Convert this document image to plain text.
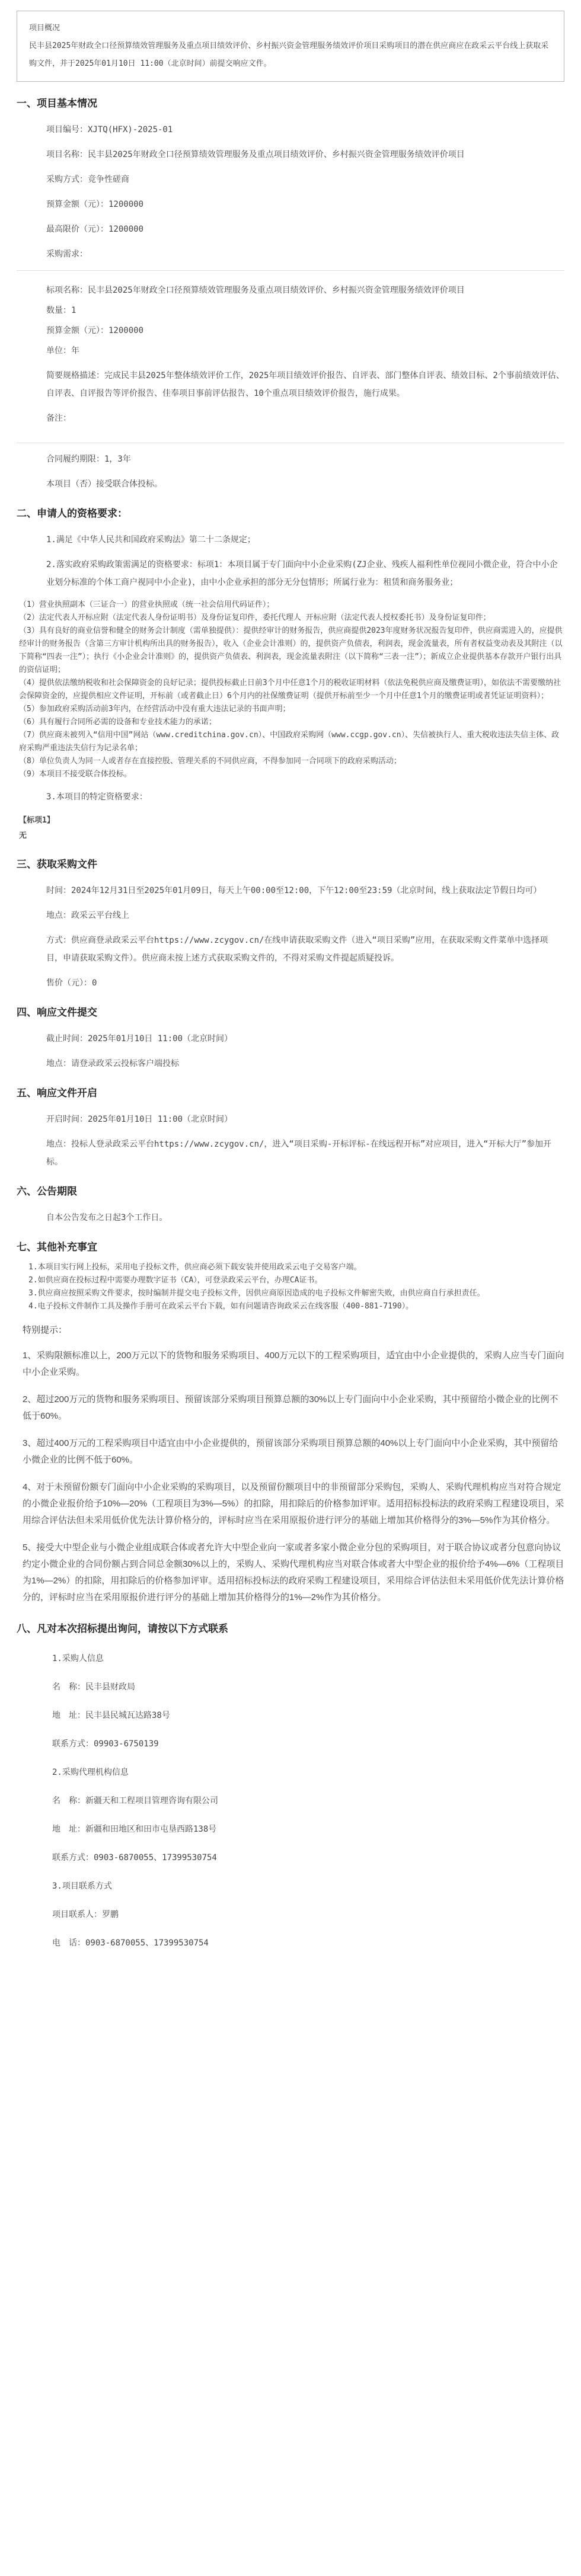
项目概况

民丰县2025年财政全口径预算绩效管理服务及重点项目绩效评价、乡村振兴资金管理服务绩效评价项目采购项目的潜在供应商应在政采云平台线上获取采购文件，并于2025年01月10日 11:00（北京时间）前提交响应文件。

一、项目基本情况

项目编号：XJTQ(HFX)-2025-01

项目名称：民丰县2025年财政全口径预算绩效管理服务及重点项目绩效评价、乡村振兴资金管理服务绩效评价项目

采购方式：竞争性磋商

预算金额（元）：1200000

最高限价（元）：1200000

采购需求：

标项名称：民丰县2025年财政全口径预算绩效管理服务及重点项目绩效评价、乡村振兴资金管理服务绩效评价项目

数量：1

预算金额（元）：1200000

单位：年

简要规格描述：完成民丰县2025年整体绩效评价工作，2025年项目绩效评价报告、自评表、部门整体自评表、绩效目标、2个事前绩效评估、自评表、自评报告等评价报告、佳奉项目事前评估报告、10个重点项目绩效评价报告，施行成果。

备注：

合同履约期限：1，3年

本项目（否）接受联合体投标。

二、申请人的资格要求：

1.满足《中华人民共和国政府采购法》第二十二条规定；

2.落实政府采购政策需满足的资格要求：标项1：本项目属于专门面向中小企业采购(ZJ企业、残疾人福利性单位视同小微企业，符合中小企业划分标准的个体工商户视同中小企业)，由中小企业承担的部分无分包情形；所属行业为：租赁和商务服务业；

（1）营业执照副本（三证合一）的营业执照或（统一社会信用代码证件）；
（2）法定代表人开标应附（法定代表人身份证明书）及身份证复印件，委托代理人 开标应附（法定代表人授权委托书）及身份证复印件；
（3）具有良好的商业信誉和健全的财务会计制度（需单独提供）：提供经审计的财务报告，供应商提供2023年度财务状况报告复印件，供应商需进入的，应提供经审计的财务报告（含第三方审计机构所出具的财务报告），收入（企业会计准则）的，提供资产负债表，利润表，现金流量表，所有者权益变动表及其附注（以下简称“四表一注”）；执行《小企业会计准则》的，提供资产负债表、利润表，现金流量表附注（以下简称“三表一注”）；新成立企业提供基本存款开户银行出具的资信证明；
（4）提供依法缴纳税收和社会保障资金的良好记录；提供投标截止日前3个月中任意1个月的税收证明材料（依法免税供应商及缴费证明），如依法不需要缴纳社会保障资金的，应提供相应文件证明，开标前（或者截止日）6个月内的社保缴费证明（提供开标前至少一个月中任意1个月的缴费证明或者凭证证明资料）；
（5）参加政府采购活动前3年内，在经营活动中没有重大违法记录的书面声明；
（6）具有履行合同所必需的设备和专业技术能力的承诺；
（7）供应商未被列入“信用中国”网站（www.creditchina.gov.cn）、中国政府采购网（www.ccgp.gov.cn）、失信被执行人、重大税收违法失信主体、政府采购严重违法失信行为记录名单；
（8）单位负责人为同一人或者存在直接控股、管理关系的不同供应商，不得参加同一合同项下的政府采购活动；
（9）本项目不接受联合体投标。

3.本项目的特定资格要求：

【标项1】
无

三、获取采购文件

时间：2024年12月31日至2025年01月09日，每天上午00:00至12:00，下午12:00至23:59（北京时间，线上获取法定节假日均可）

地点：政采云平台线上

方式：供应商登录政采云平台https://www.zcygov.cn/在线申请获取采购文件（进入“项目采购”应用，在获取采购文件菜单中选择项目，申请获取采购文件）。供应商未按上述方式获取采购文件的，不得对采购文件提起质疑投诉。

售价（元）：0

四、响应文件提交

截止时间：2025年01月10日 11:00（北京时间）

地点：请登录政采云投标客户端投标

五、响应文件开启

开启时间：2025年01月10日 11:00（北京时间）

地点：投标人登录政采云平台https://www.zcygov.cn/，进入“项目采购-开标评标-在线远程开标”对应项目，进入“开标大厅”参加开标。

六、公告期限

自本公告发布之日起3个工作日。

七、其他补充事宜

1.本项目实行网上投标，采用电子投标文件，供应商必须下载安装并使用政采云电子交易客户端。
2.如供应商在投标过程中需要办理数字证书（CA），可登录政采云平台，办理CA证书。
3.供应商应按照采购文件要求，按时编制并提交电子投标文件，因供应商原因造成的电子投标文件解密失败，由供应商自行承担责任。
4.电子投标文件制作工具及操作手册可在政采云平台下载，如有问题请咨询政采云在线客服（400-881-7190）。

特别提示：

1、采购限额标准以上，200万元以下的货物和服务采购项目、400万元以下的工程采购项目，适宜由中小企业提供的，采购人应当专门面向中小企业采购。

2、超过200万元的货物和服务采购项目、预留该部分采购项目预算总额的30%以上专门面向中小企业采购，其中预留给小微企业的比例不低于60%。

3、超过400万元的工程采购项目中适宜由中小企业提供的，预留该部分采购项目预算总额的40%以上专门面向中小企业采购，其中预留给小微企业的比例不低于60%。

4、对于未预留份额专门面向中小企业采购的采购项目，以及预留份额项目中的非预留部分采购包，采购人、采购代理机构应当对符合规定的小微企业报价给予10%—20%（工程项目为3%—5%）的扣除，用扣除后的价格参加评审。适用招标投标法的政府采购工程建设项目，采用综合评估法但未采用低价优先法计算价格分的，评标时应当在采用原报价进行评分的基础上增加其价格得分的3%—5%作为其价格分。

5、接受大中型企业与小微企业组成联合体或者允许大中型企业向一家或者多家小微企业分包的采购项目，对于联合协议或者分包意向协议约定小微企业的合同份额占到合同总金额30%以上的，采购人、采购代理机构应当对联合体或者大中型企业的报价给予4%—6%（工程项目为1%—2%）的扣除，用扣除后的价格参加评审。适用招标投标法的政府采购工程建设项目，采用综合评估法但未采用低价优先法计算价格分的，评标时应当在采用原报价进行评分的基础上增加其价格得分的1%—2%作为其价格分。

八、凡对本次招标提出询问，请按以下方式联系

1.采购人信息

名　称：民丰县财政局

地　址：民丰县民城瓦达路38号

联系方式：09903-6750139

2.采购代理机构信息

名　称：新疆天和工程项目管理咨询有限公司

地　址：新疆和田地区和田市屯垦西路138号

联系方式：0903-6870055、17399530754

3.项目联系方式

项目联系人：罗鹏

电　话：0903-6870055、17399530754
